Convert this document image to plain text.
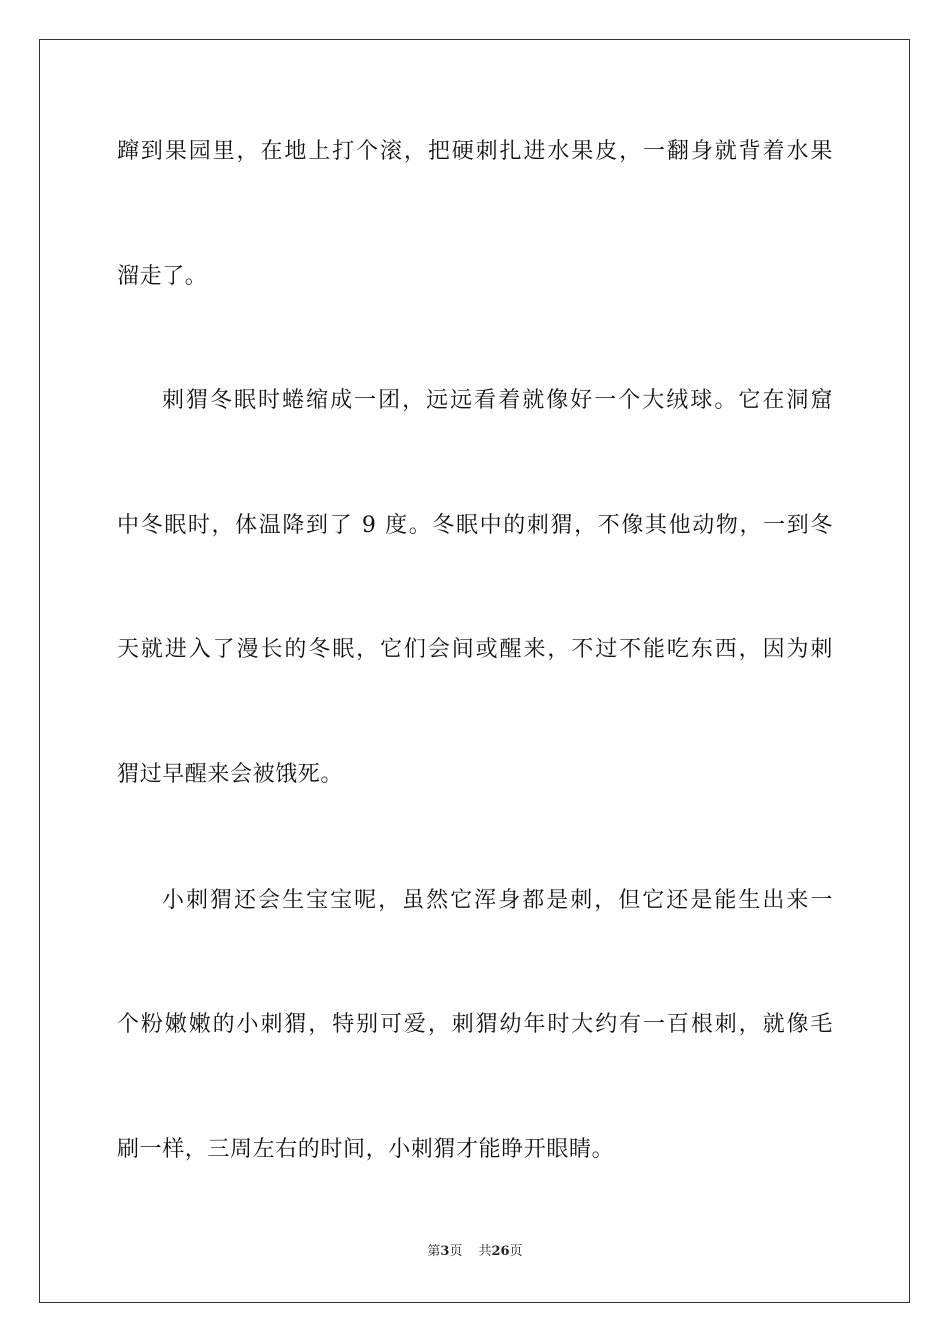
蹿到果园里，在地上打个滚，把硬刺扎进水果皮，一翻身就背着水果
溜走了。
刺猬冬眠时蜷缩成一团，远远看着就像好一个大绒球。它在洞窟
中冬眠时，体温降到了 9 度。冬眠中的刺猬，不像其他动物，一到冬
天就进入了漫长的冬眠，它们会间或醒来，不过不能吃东西，因为刺
猬过早醒来会被饿死。
小刺猬还会生宝宝呢，虽然它浑身都是刺，但它还是能生出来一
个粉嫩嫩的小刺猬，特别可爱，刺猬幼年时大约有一百根刺，就像毛
刷一样，三周左右的时间，小刺猬才能睁开眼睛。
第3页 共26页
